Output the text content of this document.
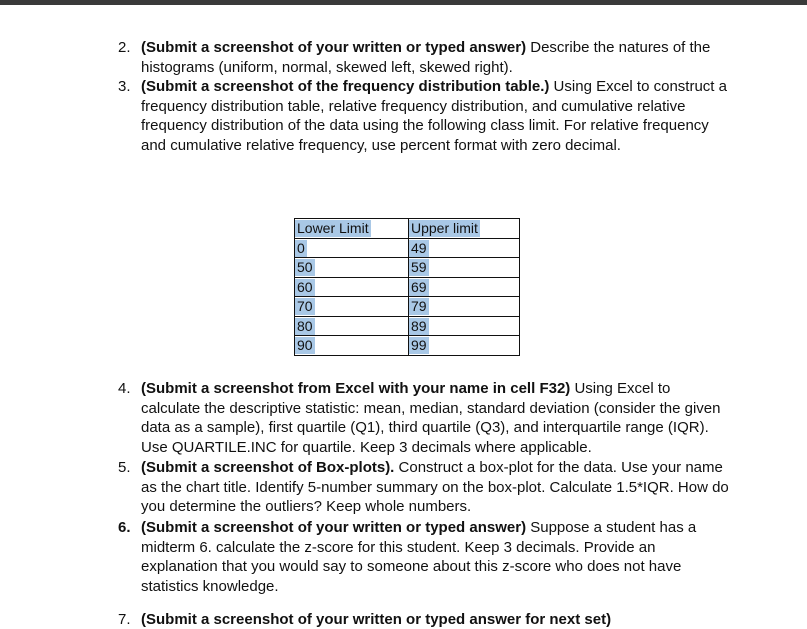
2. (Submit a screenshot of your written or typed answer) Describe the natures of the histograms (uniform, normal, skewed left, skewed right).
3. (Submit a screenshot of the frequency distribution table.) Using Excel to construct a frequency distribution table, relative frequency distribution, and cumulative relative frequency distribution of the data using the following class limit. For relative frequency and cumulative relative frequency, use percent format with zero decimal.
Lower Limit	Upper limit
0	49
50	59
60	69
70	79
80	89
90	99
4. (Submit a screenshot from Excel with your name in cell F32) Using Excel to calculate the descriptive statistic: mean, median, standard deviation (consider the given data as a sample), first quartile (Q1), third quartile (Q3), and interquartile range (IQR). Use QUARTILE.INC for quartile. Keep 3 decimals where applicable.
5. (Submit a screenshot of Box-plots). Construct a box-plot for the data. Use your name as the chart title. Identify 5-number summary on the box-plot. Calculate 1.5*IQR. How do you determine the outliers? Keep whole numbers.
6. (Submit a screenshot of your written or typed answer) Suppose a student has a midterm 6. calculate the z-score for this student. Keep 3 decimals. Provide an explanation that you would say to someone about this z-score who does not have statistics knowledge.
7. (Submit a screenshot of your written or typed answer for next set)
